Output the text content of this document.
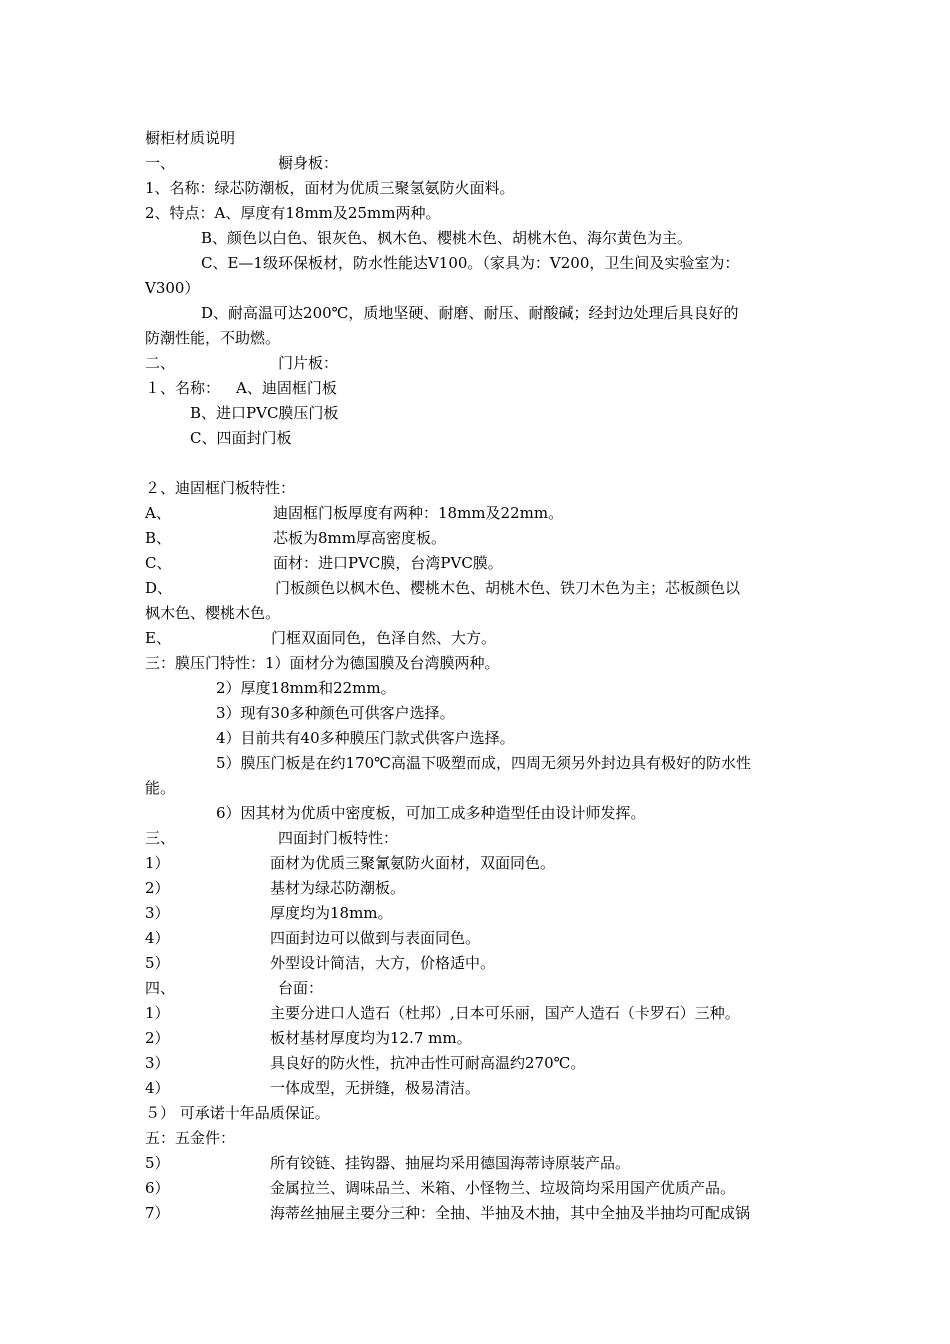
橱柜材质说明

一、	橱身板：

1、名称：绿芯防潮板，面材为优质三聚氢氨防火面料。

2、特点：A、厚度有18mm及25mm两种。

B、颜色以白色、银灰色、枫木色、樱桃木色、胡桃木色、海尔黄色为主。

C、E—1级环保板材，防水性能达V100。（家具为：V200，卫生间及实验室为：

V300）

D、耐高温可达200℃，质地坚硬、耐磨、耐压、耐酸碱；经封边处理后具良好的

防潮性能，不助燃。

二、	门片板：

１、名称： A、迪固框门板

B、进口PVC膜压门板

C、四面封门板

２、迪固框门板特性：

A、	迪固框门板厚度有两种：18mm及22mm。

B、	芯板为8mm厚高密度板。

C、	面材：进口PVC膜，台湾PVC膜。

D、	门板颜色以枫木色、樱桃木色、胡桃木色、铁刀木色为主；芯板颜色以

枫木色、樱桃木色。

E、	门框双面同色，色泽自然、大方。

三：膜压门特性：1）面材分为德国膜及台湾膜两种。

2）厚度18mm和22mm。

3）现有30多种颜色可供客户选择。

4）目前共有40多种膜压门款式供客户选择。

5）膜压门板是在约170℃高温下吸塑而成，四周无须另外封边具有极好的防水性

能。

6）因其材为优质中密度板，可加工成多种造型任由设计师发挥。

三、	四面封门板特性：

1）	面材为优质三聚氰氨防火面材，双面同色。

2）	基材为绿芯防潮板。

3）	厚度均为18mm。

4）	四面封边可以做到与表面同色。

5）	外型设计简洁，大方，价格适中。

四、	台面：

1）	主要分进口人造石（杜邦）,日本可乐丽，国产人造石（卡罗石）三种。

2）	板材基材厚度均为12.7 mm。

3）	具良好的防火性，抗冲击性可耐高温约270℃。

4）	一体成型，无拼缝，极易清洁。

５） 可承诺十年品质保证。

五：五金件：

5）	所有铰链、挂钩器、抽屉均采用德国海蒂诗原装产品。

6）	金属拉兰、调味品兰、米箱、小怪物兰、垃圾筒均采用国产优质产品。

7）	海蒂丝抽屉主要分三种：全抽、半抽及木抽，其中全抽及半抽均可配成锅
